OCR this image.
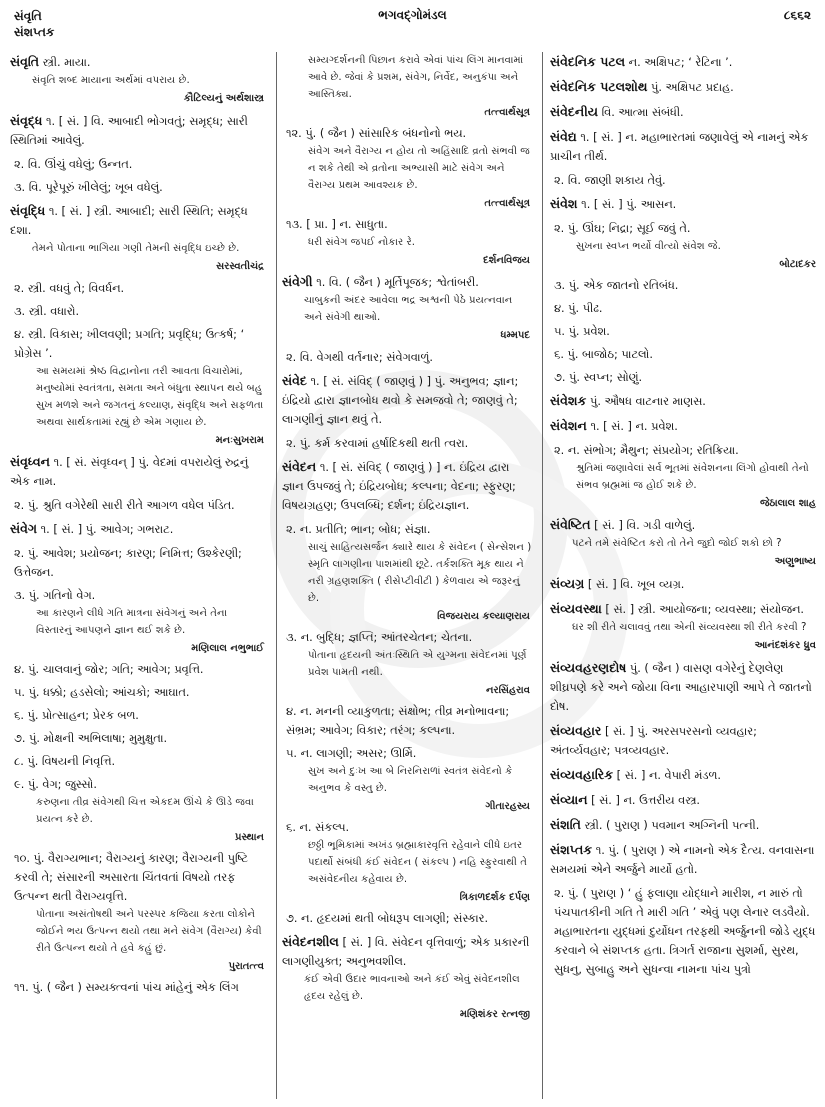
સંવૃતિ
સંશપ્તક
ભગવદ્ગોમંડલ	૮૬૬૨
સંવૃતિ સ્ત્રી. માયા.
સંવૃતિ શબ્દ માયાના અર્થમાં વપરાય છે.
કૌટિલ્યનું અર્થશાસ્ત્ર
સંવૃદ્ધ ૧. [ સં. ] વિ. આબાદી ભોગવતું; સમૃદ્ધ; સારી સ્થિતિમાં આવેલું.
૨. વિ. ઊંચું વધેલું; ઉન્નત.
૩. વિ. પૂરેપૂરું ખીલેલું; ખૂબ વધેલું.
સંવૃદ્ધિ ૧. [ સં. ] સ્ત્રી. આબાદી; સારી સ્થિતિ; સમૃદ્ધ દશા.
તેમને પોતાના ભાગિયા ગણી તેમની સંવૃદ્ધિ ઇચ્છે છે.
સરસ્વતીચંદ્ર
૨. સ્ત્રી. વધવું તે; વિવર્ધન.
૩. સ્ત્રી. વધારો.
૪. સ્ત્રી. વિકાસ; ખીલવણી; પ્રગતિ; પ્રવૃદ્ધિ; ઉત્કર્ષ; ‘ પ્રોગ્રેસ ’.
આ સમયમાં શ્રેષ્ઠ વિદ્વાનોના તરી આવતા વિચારોમાં, મનુષ્યોમાં સ્વતંત્રતા, સમતા અને બંધુતા સ્થાપન થયે બહુ સુખ મળશે અને જગતનું કલ્યાણ, સંવૃદ્ધિ અને સફળતા અથવા સાર્થકતામાં રહ્યું છે એમ ગણાય છે.
મનઃસુખરામ
સંવૃધ્વન ૧. [ સં. સંવૃધ્વન્ ] પું. વેદમાં વપરાયેલું રુદ્રનું એક નામ.
૨. પું. શ્રુતિ વગેરેથી સારી રીતે આગળ વધેલ પંડિત.
સંવેગ ૧. [ સં. ] પું. આવેગ; ગભરાટ.
૨. પું. આવેશ; પ્રયોજન; કારણ; નિમિત્ત; ઉશ્કેરણી; ઉત્તેજન.
૩. પું. ગતિનો વેગ.
આ કારણને લીધે ગતિ માત્રના સંવેગનું અને તેના વિસ્તારનું આપણને જ્ઞાન થઈ શકે છે.
મણિલાલ નભુભાઈ
૪. પું. ચાલવાનું જોર; ગતિ; આવેગ; પ્રવૃત્તિ.
૫. પું. ધક્કો; હડસેલો; આંચકો; આઘાત.
૬. પું. પ્રોત્સાહન; પ્રેરક બળ.
૭. પું. મોક્ષની અભિલાષા; મુમુક્ષુતા.
૮. પું. વિષયની નિવૃત્તિ.
૯. પું. વેગ; જુસ્સો.
કરુણના તીવ્ર સંવેગથી ચિત્ત એકદમ ઊંચે કે ઊડે જવા પ્રયત્ન કરે છે.
પ્રસ્થાન
૧૦. પું. વૈરાગ્યભાન; વૈરાગ્યનું કારણ; વૈરાગ્યની પુષ્ટિ કરવી તે; સંસારની અસારતા ચિંતવતાં વિષયો તરફ ઉત્પન્ન થતી વૈરાગ્યવૃત્તિ.
પોતાના અસંતોષથી અને પરસ્પર કજિયા કરતા લોકોને જોઈને ભય ઉત્પન્ન થયો તથા મને સંવેગ (વૈરાગ્ય) કેવી રીતે ઉત્પન્ન થયો તે હવે કહું છું.
પુરાતત્ત્વ
૧૧. પું. ( જૈન ) સમ્યક્ત્વનાં પાંચ માંહેનું એક લિંગ
સમ્યગ્દર્શનની પિછાન કરાવે એવાં પાંચ લિંગ માનવામાં આવે છે. જેવાં કે પ્રશમ, સંવેગ, નિર્વેદ, અનુકંપા અને આસ્તિક્ય.
તત્ત્વાર્થસૂત્ર
૧૨. પું. ( જૈન ) સાંસારિક બંધનોનો ભય.
સંવેગ અને વૈરાગ્ય ન હોય તો અહિંસાદિ વ્રતો સંભવી જ ન શકે તેથી એ વ્રતોના અભ્યાસી માટે સંવેગ અને વૈરાગ્ય પ્રથમ આવશ્યક છે.
તત્ત્વાર્થસૂત્ર
૧૩. [ પ્રા. ] ન. સાધુતા.
ધરી સંવેગ જપઈ નોકાર રે.
દર્શનવિજય
સંવેગી ૧. વિ. ( જૈન ) મૂર્તિપૂજક; શ્વેતાંબરી.
ચાબુકની અંદર આવેલા ભદ્ર અશ્વની પેઠે પ્રયત્નવાન અને સંવેગી થાઓ.
ધમ્મપદ
૨. વિ. વેગથી વર્તનાર; સંવેગવાળું.
સંવેદ ૧. [ સં. સંવિદ્ ( જાણવું ) ] પું. અનુભવ; જ્ઞાન; ઇંદ્રિયો દ્વારા જ્ઞાનબોધ થવો કે સમજવો તે; જાણવું તે; લાગણીનું જ્ઞાન થવું તે.
૨. પું. કર્મ કરવામાં હર્ષાદિકથી થતી ત્વરા.
સંવેદન ૧. [ સં. સંવિદ્ ( જાણવું ) ] ન. ઇંદ્રિય દ્વારા જ્ઞાન ઉપજવું તે; ઇંદ્રિયબોધ; કલ્પના; વેદના; સ્ફુરણ; વિષયગ્રહણ; ઉપલબ્ધિ; દર્શન; ઇંદ્રિયજ્ઞાન.
૨. ન. પ્રતીતિ; ભાન; બોધ; સંજ્ઞા.
સાચું સાહિત્યસર્જન ક્યારે થાય કે સંવેદન ( સેન્સેશન ) સ્મૃતિ લાગણીના પાશમાંથી છૂટે. તર્કશક્તિ મૂક થાય ને નરી ગ્રહણશક્તિ ( રીસેપ્ટીવીટી ) કેળવાય એ જરૂરનું છે.
વિજયરાય કલ્યાણરાય
૩. ન. બુદ્ધિ; જ્ઞપ્તિ; આંતરચેતન; ચેતના.
પોતાના હૃદયની અંતઃસ્થિતિ એ યુગ્મના સંવેદનમાં પૂર્ણ પ્રવેશ પામતી નથી.
નરસિંહરાવ
૪. ન. મનની વ્યાકુળતા; સંક્ષોભ; તીવ્ર મનોભાવના; સંભ્રમ; આવેગ; વિકાર; તરંગ; કલ્પના.
૫. ન. લાગણી; અસર; ઊર્મિ.
સુખ અને દુઃખ આ બે નિરનિરાળાં સ્વતંત્ર સંવેદનો કે અનુભવ કે વસ્તુ છે.
ગીતારહસ્ય
૬. ન. સંકલ્પ.
છઠ્ઠી ભૂમિકામાં અખંડ બ્રહ્માકારવૃત્તિ રહેવાને લીધે ઇતર પદાર્થો સંબંધી કંઈ સંવેદન ( સંકલ્પ ) નહિ સ્ફુરવાથી તે અસંવેદનીય કહેવાય છે.
ત્રિકાળદર્શક દર્પણ
૭. ન. હૃદયમાં થતી બોધરૂપ લાગણી; સંસ્કાર.
સંવેદનશીલ [ સં. ] વિ. સંવેદન વૃત્તિવાળું; એક પ્રકારની લાગણીયુક્ત; અનુભવશીલ.
કંઈ એવી ઉદાર ભાવનાઓ અને કંઈ એવું સંવેદનશીલ હૃદય રહેલું છે.
મણિશંકર રત્નજી
સંવેદનિક પટલ ન. અક્ષિપટ; ‘ રેટિના ’.
સંવેદનિક પટલશોથ પું. અક્ષિપટ પ્રદાહ.
સંવેદનીય વિ. આત્મા સંબંધી.
સંવેદ્ય ૧. [ સં. ] ન. મહાભારતમાં જણાવેલું એ નામનું એક પ્રાચીન તીર્થ.
૨. વિ. જાણી શકાય તેવું.
સંવેશ ૧. [ સં. ] પું. આસન.
૨. પું. ઊંઘ; નિદ્રા; સૂઈ જવું તે.
સુખના સ્વપ્ન ભર્યો વીત્યો સંવેશ જે.
બોટાદકર
૩. પું. એક જાતનો રતિબંધ.
૪. પું. પીઢ.
૫. પું. પ્રવેશ.
૬. પું. બાજોઠ; પાટલો.
૭. પું. સ્વપ્ન; સોણું.
સંવેશક પું. ઔષધ વાટનાર માણસ.
સંવેશન ૧. [ સં. ] ન. પ્રવેશ.
૨. ન. સંભોગ; મૈથુન; સંપ્રયોગ; રતિક્રિયા.
શ્રુતિમાં જણાવેલાં સર્વ ભૂતમાં સંવેશનના લિંગો હોવાથી તેનો સંભવ બ્રહ્મમાં જ હોઈ શકે છે.
જેઠાલાલ શાહ
સંવેષ્ટિત [ સં. ] વિ. ગડી વાળેલું.
પટને તમે સંવેષ્ટિત કરો તો તેને જુદો જોઈ શકો છો ?
અણુભાષ્ય
સંવ્યગ્ર [ સં. ] વિ. ખૂબ વ્યગ્ર.
સંવ્યવસ્થા [ સં. ] સ્ત્રી. આયોજના; વ્યવસ્થા; સંયોજન.
ઘર શી રીતે ચલાવવું તથા એની સંવ્યવસ્થા શી રીતે કરવી ?
આનંદશંકર ધ્રુવ
સંવ્યવહરણદોષ પું. ( જૈન ) વાસણ વગેરેનું દેણલેણ શીઘ્રપણે કરે અને જોયા વિના આહારપાણી આપે તે જાતનો દોષ.
સંવ્યવહાર [ સં. ] પું. અરસપરસનો વ્યવહાર; અંતર્વ્યવહાર; પત્રવ્યવહાર.
સંવ્યવહારિક [ સં. ] ન. વેપારી મંડળ.
સંવ્યાન [ સં. ] ન. ઉત્તરીય વસ્ત્ર.
સંશતિ સ્ત્રી. ( પુરાણ ) પવમાન અગ્નિની પત્ની.
સંશપ્તક ૧. પું. ( પુરાણ ) એ નામનો એક દૈત્ય. વનવાસના સમયમાં એને અર્જુને માર્યો હતો.
૨. પું. ( પુરાણ ) ‘ હું ફલાણા યોદ્ધાને મારીશ, ન મારું તો પંચપાતકીની ગતિ તે મારી ગતિ ’ એવું પણ લેનાર લડવૈયો. મહાભારતના યુદ્ધમાં દુર્યોધન તરફથી અર્જુનની જોડે યુદ્ધ કરવાને બે સંશપ્તક હતા. ત્રિગર્ત રાજાના સુશર્મા, સુરથ, સુધનુ, સુબાહુ અને સુધન્વા નામના પાંચ પુત્રો
